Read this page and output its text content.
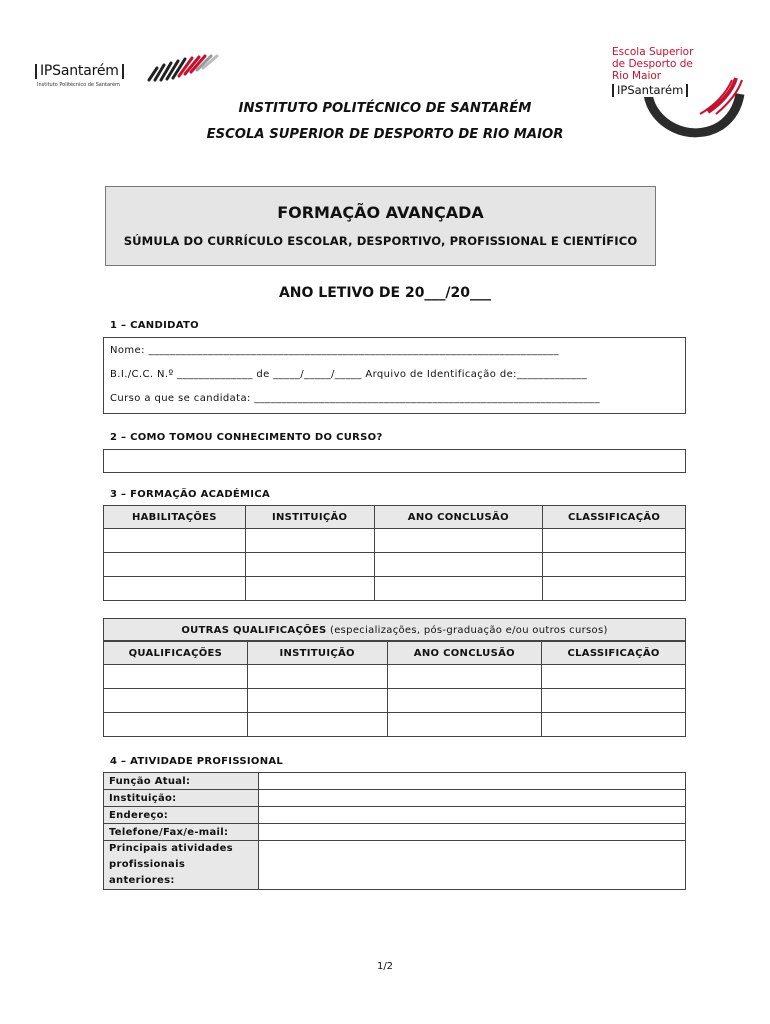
IPSantarém
Instituto Politécnico de Santarém
Escola Superior
de Desporto de
Rio Maior
IPSantarém
INSTITUTO POLITÉCNICO DE SANTARÉM
ESCOLA SUPERIOR DE DESPORTO DE RIO MAIOR
FORMAÇÃO AVANÇADA
SÚMULA DO CURRÍCULO ESCOLAR, DESPORTIVO, PROFISSIONAL E CIENTÍFICO
ANO LETIVO DE 20___/20___
1 – CANDIDATO
Nome: ____________________________________________________________________________
B.I./C.C. N.º ______________ de _____/_____/_____ Arquivo de Identificação de:_____________
Curso a que se candidata: ________________________________________________________________
2 – COMO TOMOU CONHECIMENTO DO CURSO?
3 – FORMAÇÃO ACADÉMICA
HABILITAÇÕES	INSTITUIÇÃO	ANO CONCLUSÃO	CLASSIFICAÇÃO

OUTRAS QUALIFICAÇÕES (especializações, pós-graduação e/ou outros cursos)
QUALIFICAÇÕES	INSTITUIÇÃO	ANO CONCLUSÃO	CLASSIFICAÇÃO

4 – ATIVIDADE PROFISSIONAL
Função Atual:	
Instituição:	
Endereço:	
Telefone/Fax/e-mail:	

Principais atividades
profissionais
anteriores:	

1/2
